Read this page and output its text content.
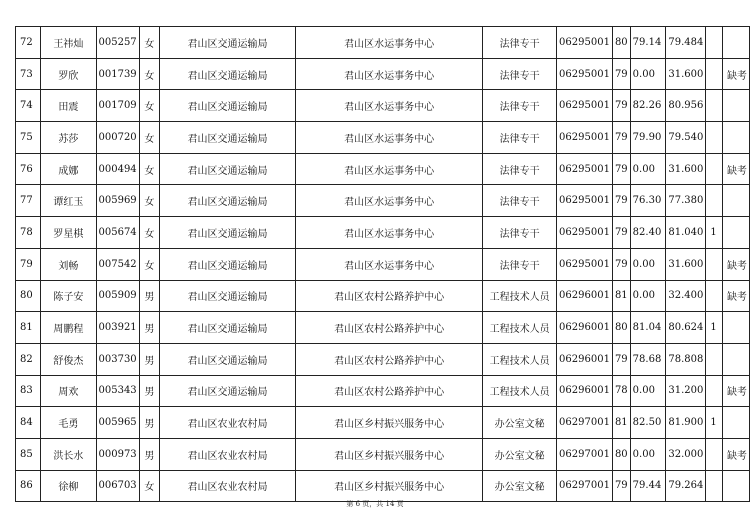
72	王祎灿	005257	女	君山区交通运输局	君山区水运事务中心	法律专干	06295001	80	79.14	79.484		
73	罗欣	001739	女	君山区交通运输局	君山区水运事务中心	法律专干	06295001	79	0.00	31.600		缺考
74	田震	001709	女	君山区交通运输局	君山区水运事务中心	法律专干	06295001	79	82.26	80.956		
75	苏莎	000720	女	君山区交通运输局	君山区水运事务中心	法律专干	06295001	79	79.90	79.540		
76	成娜	000494	女	君山区交通运输局	君山区水运事务中心	法律专干	06295001	79	0.00	31.600		缺考
77	谭红玉	005969	女	君山区交通运输局	君山区水运事务中心	法律专干	06295001	79	76.30	77.380		
78	罗星棋	005674	女	君山区交通运输局	君山区水运事务中心	法律专干	06295001	79	82.40	81.040	1	
79	刘畅	007542	女	君山区交通运输局	君山区水运事务中心	法律专干	06295001	79	0.00	31.600		缺考
80	陈子安	005909	男	君山区交通运输局	君山区农村公路养护中心	工程技术人员	06296001	81	0.00	32.400		缺考
81	周鹏程	003921	男	君山区交通运输局	君山区农村公路养护中心	工程技术人员	06296001	80	81.04	80.624	1	
82	舒俊杰	003730	男	君山区交通运输局	君山区农村公路养护中心	工程技术人员	06296001	79	78.68	78.808		
83	周欢	005343	男	君山区交通运输局	君山区农村公路养护中心	工程技术人员	06296001	78	0.00	31.200		缺考
84	毛勇	005965	男	君山区农业农村局	君山区乡村振兴服务中心	办公室文秘	06297001	81	82.50	81.900	1	
85	洪长水	000973	男	君山区农业农村局	君山区乡村振兴服务中心	办公室文秘	06297001	80	0.00	32.000		缺考
86	徐柳	006703	女	君山区农业农村局	君山区乡村振兴服务中心	办公室文秘	06297001	79	79.44	79.264		
第 6 页，共 14 页
